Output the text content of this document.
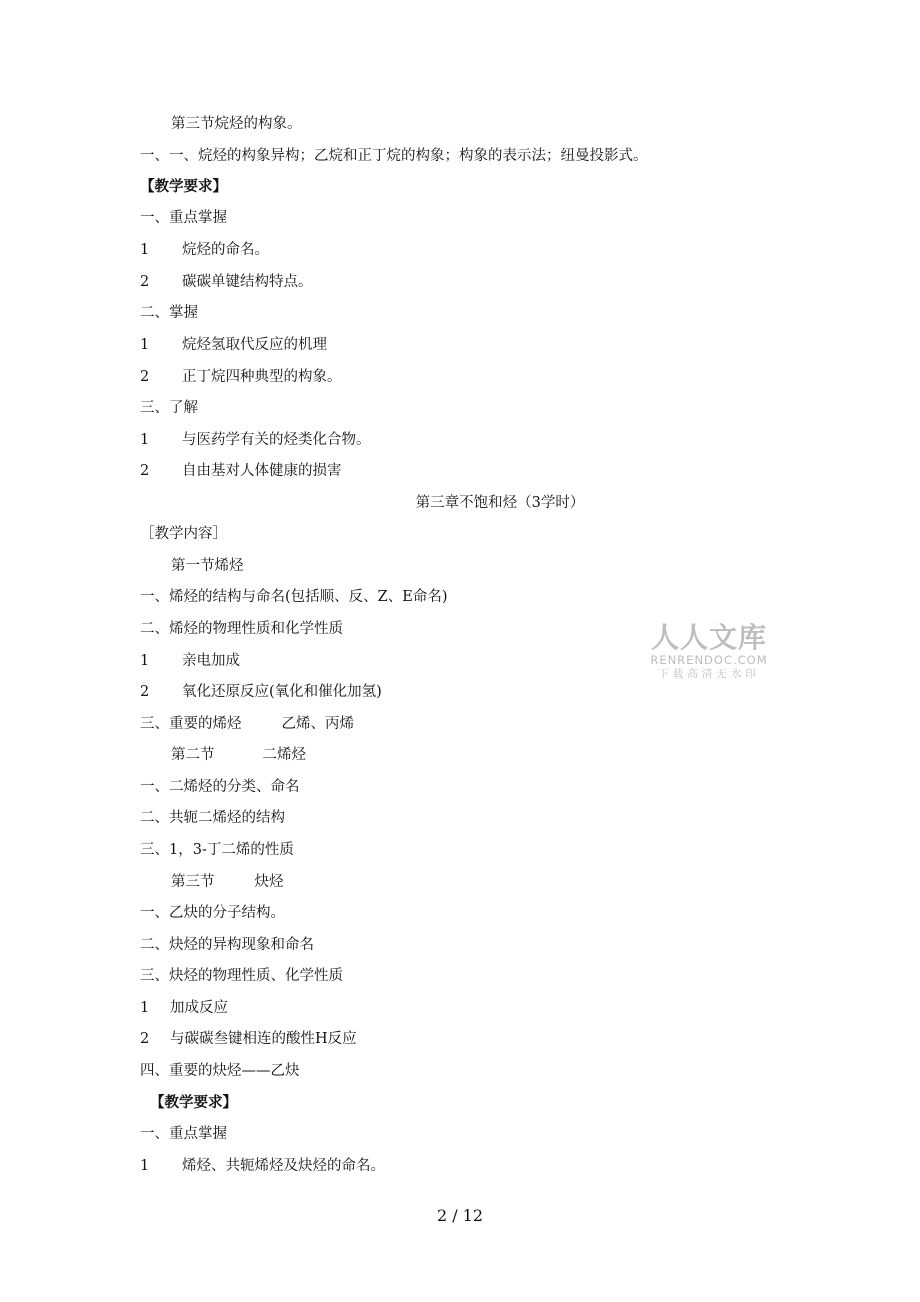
第三节烷烃的构象。
一、一、烷烃的构象异构；乙烷和正丁烷的构象；构象的表示法；纽曼投影式。
【教学要求】
一、重点掌握
1 烷烃的命名。
2 碳碳单键结构特点。
二、掌握
1 烷烃氢取代反应的机理
2 正丁烷四种典型的构象。
三、了解
1 与医药学有关的烃类化合物。
2 自由基对人体健康的损害
第三章不饱和烃（3学时）
［教学内容］
第一节烯烃
一、烯烃的结构与命名(包括顺、反、Z、E命名)
二、烯烃的物理性质和化学性质
1 亲电加成
2 氧化还原反应(氧化和催化加氢)
三、重要的烯烃	乙烯、丙烯
第二节	二烯烃
一、二烯烃的分类、命名
二、共轭二烯烃的结构
三、1，3-丁二烯的性质
第三节	炔烃
一、乙炔的分子结构。
二、炔烃的异构现象和命名
三、炔烃的物理性质、化学性质
1 加成反应
2 与碳碳叁键相连的酸性H反应
四、重要的炔烃——乙炔
【教学要求】
一、重点掌握
1 烯烃、共轭烯烃及炔烃的命名。
人人文库
RENRENDOC.COM
下载高清无水印
2 / 12
